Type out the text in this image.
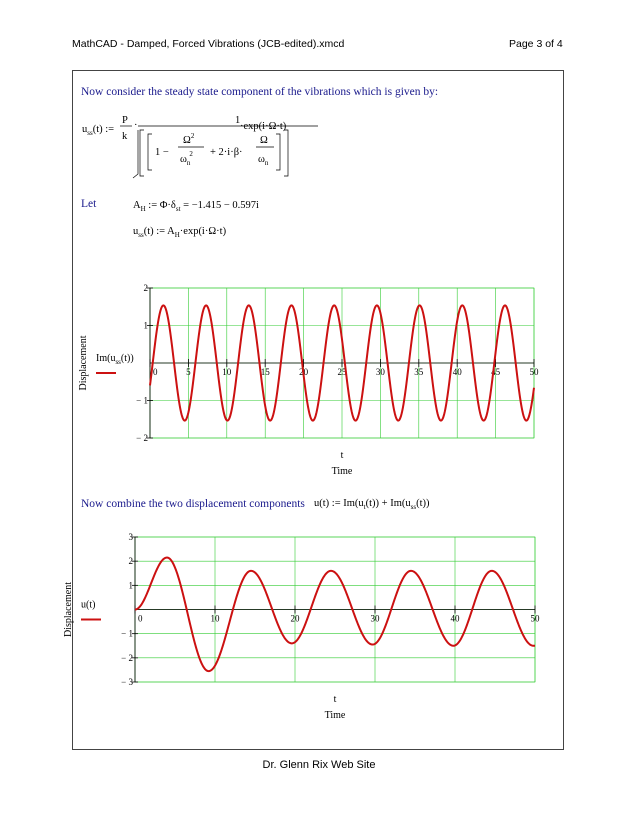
MathCAD - Damped, Forced Vibrations (JCB-edited).xmcd	Page 3 of 4
Now consider the steady state component of the vibrations which is given by:
$u_{ss}(t)$ :=
P
k
·	1
1 −
$\Omega^2$
$\omega_n2 + 2\cdot i\cdot\beta\cdot$
Ω
$\omega_n$
·exp(i·Ω·t)
Let	$A_H$ := $\Phi\cdot\delta_{st} = -1.415 - 0.597i$
$u_{ss}(t)$ := $A_H\cdot\exp(i\cdot\Omega\cdot t)$
0	5	10	15	20	25	30	35	40	45	50
− 2
− 1
1
2
$Im(u_{ss}(t))$
Displacement
t
Time
Now combine the two displacement components u(t) := $Im(u_t(t)) + Im(u_{ss}(t))$
0	10	20	30	40	50
− 3
− 2
− 1
1
2
3
u(t)
Displacement
t
Time
Dr. Glenn Rix Web Site
